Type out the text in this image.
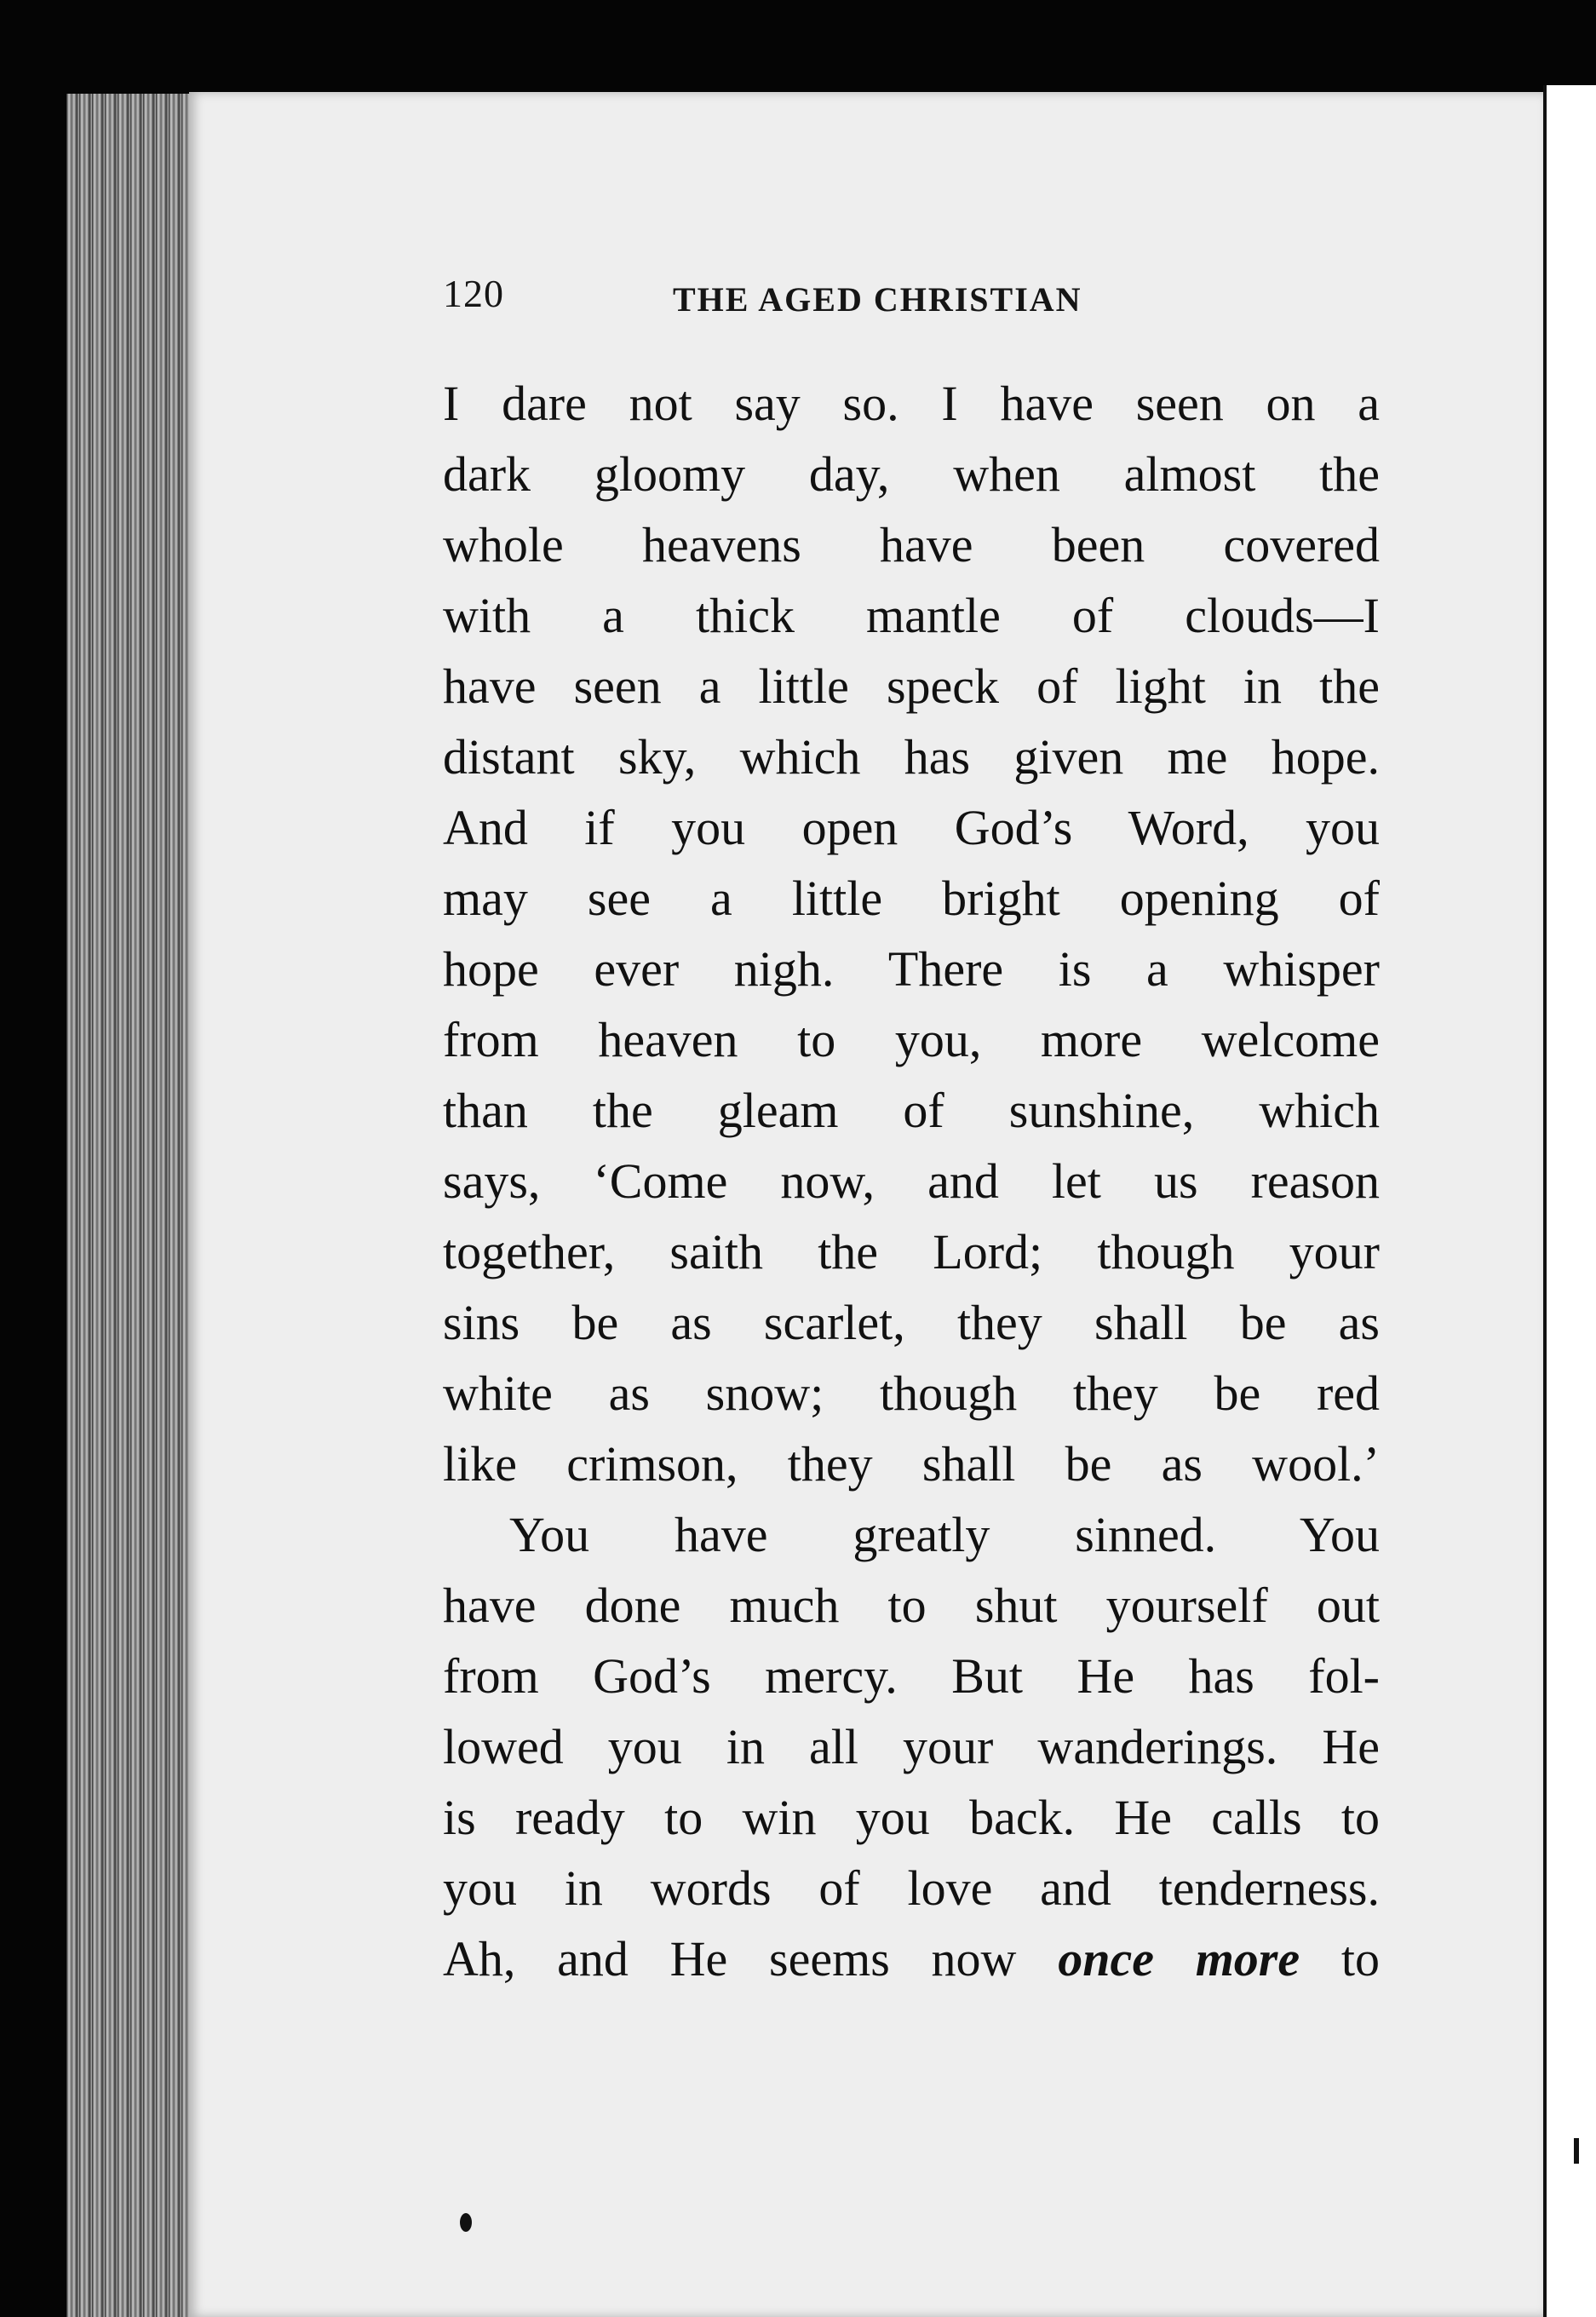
120	THE AGED CHRISTIAN
I dare not say so. I have seen on a
dark gloomy day, when almost the
whole heavens have been covered
with a thick mantle of clouds—I
have seen a little speck of light in the
distant sky, which has given me hope.
And if you open God’s Word, you
may see a little bright opening of
hope ever nigh. There is a whisper
from heaven to you, more welcome
than the gleam of sunshine, which
says, ‘Come now, and let us reason
together, saith the Lord; though your
sins be as scarlet, they shall be as
white as snow; though they be red
like crimson, they shall be as wool.’
You have greatly sinned. You
have done much to shut yourself out
from God’s mercy. But He has fol-
lowed you in all your wanderings. He
is ready to win you back. He calls to
you in words of love and tenderness.
Ah, and He seems now once more to
